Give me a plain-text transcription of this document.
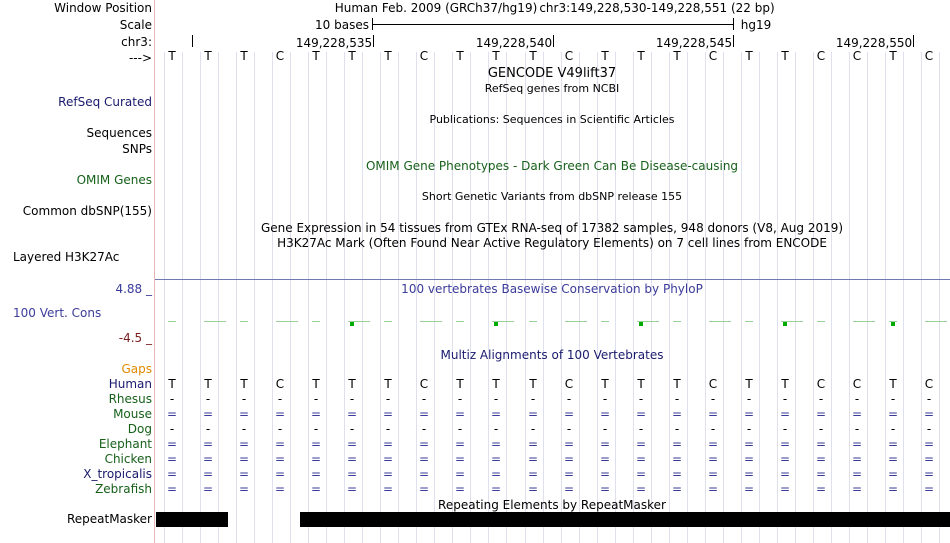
Window Position
Scale
chr3:
--->
Human Feb. 2009 (GRCh37/hg19) chr3:149,228,530-149,228,551 (22 bp)
10 bases	hg19
149,228,535	149,228,540	149,228,545	149,228,550
T	T	T	C	T	T	T	C	T	T	T	C	T	T	T	C	T	T	C	C	T	C
GENCODE V49lift37
RefSeq genes from NCBI
RefSeq Curated
Publications: Sequences in Scientific Articles
Sequences
SNPs
OMIM Gene Phenotypes - Dark Green Can Be Disease-causing
OMIM Genes
Short Genetic Variants from dbSNP release 155
Common dbSNP(155)
Gene Expression in 54 tissues from GTEx RNA-seq of 17382 samples, 948 donors (V8, Aug 2019)
H3K27Ac Mark (Often Found Near Active Regulatory Elements) on 7 cell lines from ENCODE
Layered H3K27Ac
100 vertebrates Basewise Conservation by PhyloP
4.88 _
100 Vert. Cons
-4.5 _
Multiz Alignments of 100 Vertebrates
Gaps
Human	T	T	T	C	T	T	T	C	T	T	T	C	T	T	T	C	T	T	C	C	T	C
Rhesus	-	-	-	-	-	-	-	-	-	-	-	-	-	-	-	-	-	-	-	-	-	-
Mouse	=	=	=	=	=	=	=	=	=	=	=	=	=	=	=	=	=	=	=	=	=	=
Dog	-	-	-	-	-	-	-	-	-	-	-	-	-	-	-	-	-	-	-	-	-	-
Elephant	=	=	=	=	=	=	=	=	=	=	=	=	=	=	=	=	=	=	=	=	=	=
Chicken	=	=	=	=	=	=	=	=	=	=	=	=	=	=	=	=	=	=	=	=	=	=
X_tropicalis	=	=	=	=	=	=	=	=	=	=	=	=	=	=	=	=	=	=	=	=	=	=
Zebrafish	=	=	=	=	=	=	=	=	=	=	=	=	=	=	=	=	=	=	=	=	=	=
Repeating Elements by RepeatMasker
RepeatMasker
